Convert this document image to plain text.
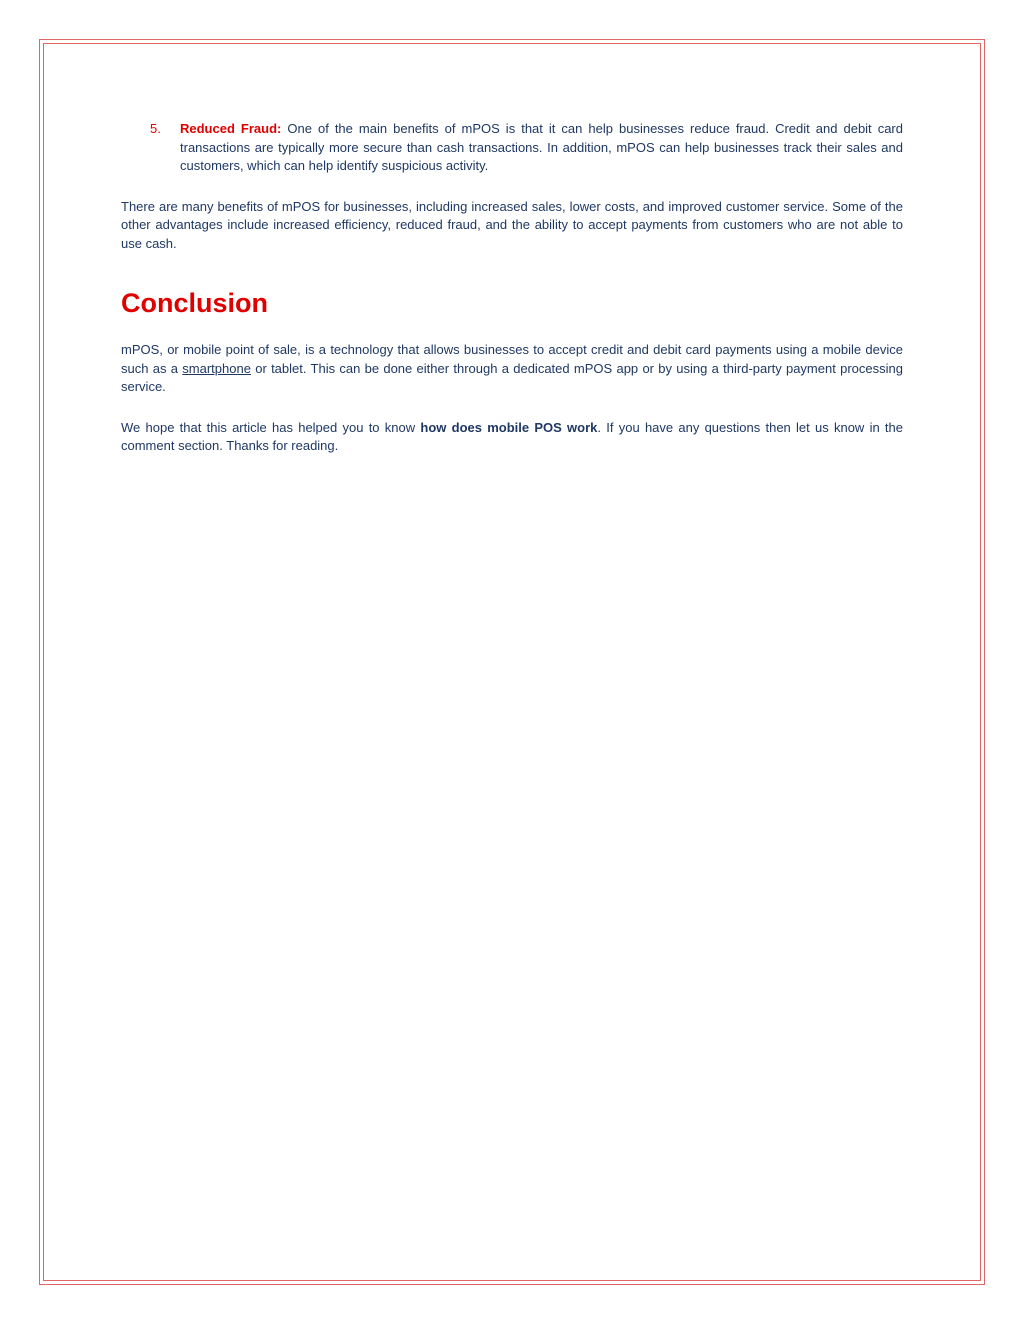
5.	Reduced Fraud: One of the main benefits of mPOS is that it can help businesses reduce fraud. Credit and debit card transactions are typically more secure than cash transactions. In addition, mPOS can help businesses track their sales and customers, which can help identify suspicious activity.

There are many benefits of mPOS for businesses, including increased sales, lower costs, and improved customer service. Some of the other advantages include increased efficiency, reduced fraud, and the ability to accept payments from customers who are not able to use cash.

Conclusion

mPOS, or mobile point of sale, is a technology that allows businesses to accept credit and debit card payments using a mobile device such as a smartphone or tablet. This can be done either through a dedicated mPOS app or by using a third-party payment processing service.

We hope that this article has helped you to know how does mobile POS work. If you have any questions then let us know in the comment section. Thanks for reading.
